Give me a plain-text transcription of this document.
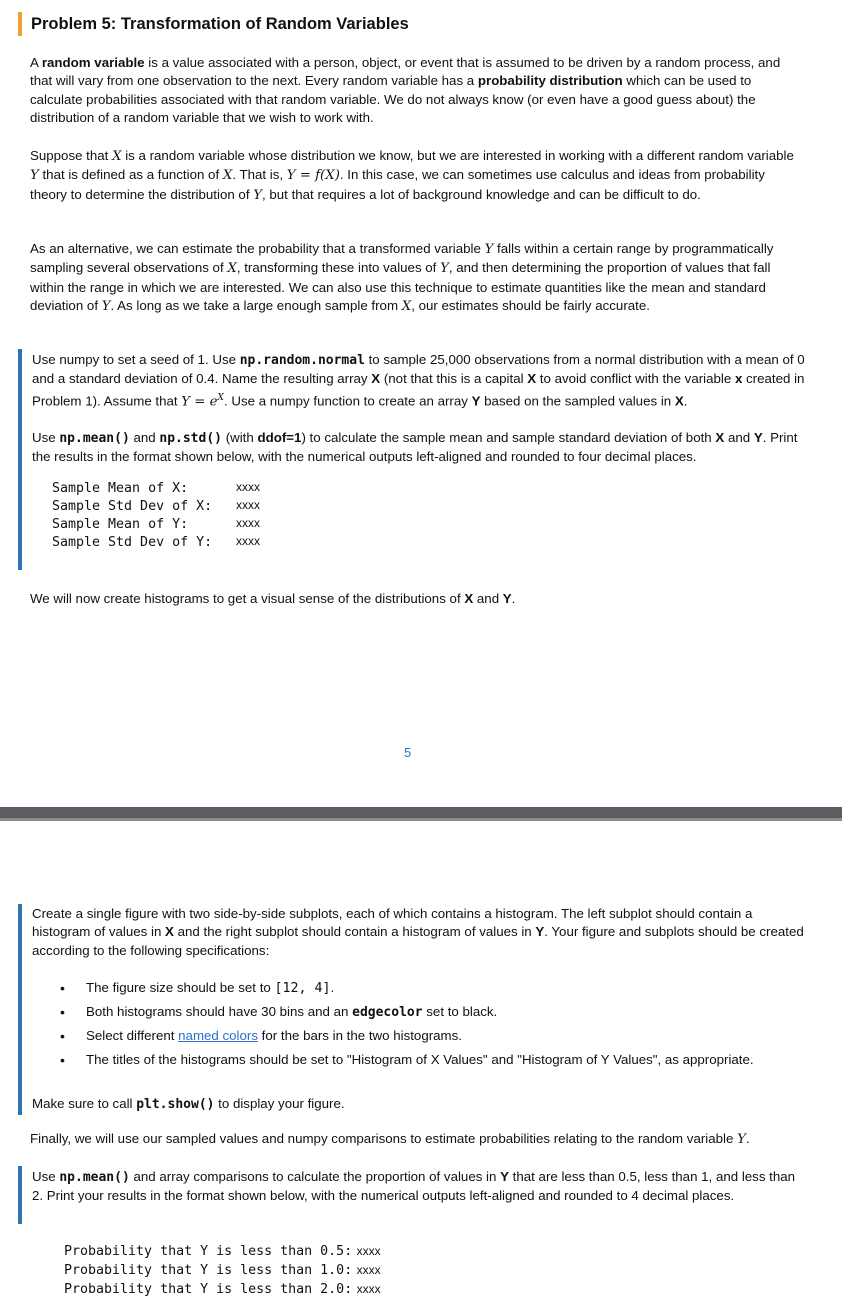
Problem 5: Transformation of Random Variables

A random variable is a value associated with a person, object, or event that is assumed to be driven by a random process, and that will vary from one observation to the next. Every random variable has a probability distribution which can be used to calculate probabilities associated with that random variable. We do not always know (or even have a good guess about) the distribution of a random variable that we wish to work with.

Suppose that X is a random variable whose distribution we know, but we are interested in working with a different random variable Y that is defined as a function of X. That is, Y = f(X). In this case, we can sometimes use calculus and ideas from probability theory to determine the distribution of Y, but that requires a lot of background knowledge and can be difficult to do.

As an alternative, we can estimate the probability that a transformed variable Y falls within a certain range by programmatically sampling several observations of X, transforming these into values of Y, and then determining the proportion of values that fall within the range in which we are interested. We can also use this technique to estimate quantities like the mean and standard deviation of Y. As long as we take a large enough sample from X, our estimates should be fairly accurate.

Use numpy to set a seed of 1. Use np.random.normal to sample 25,000 observations from a normal distribution with a mean of 0 and a standard deviation of 0.4. Name the resulting array X (not that this is a capital X to avoid conflict with the variable x created in Problem 1). Assume that $Y = e^X$. Use a numpy function to create an array Y based on the sampled values in X.

Use np.mean() and np.std() (with ddof=1) to calculate the sample mean and sample standard deviation of both X and Y. Print the results in the format shown below, with the numerical outputs left-aligned and rounded to four decimal places.

Sample Mean of X:	xxxx
Sample Std Dev of X:	xxxx
Sample Mean of Y:	xxxx
Sample Std Dev of Y:	xxxx

We will now create histograms to get a visual sense of the distributions of X and Y.

5

Create a single figure with two side-by-side subplots, each of which contains a histogram. The left subplot should contain a histogram of values in X and the right subplot should contain a histogram of values in Y. Your figure and subplots should be created according to the following specifications:

• The figure size should be set to [12, 4].
• Both histograms should have 30 bins and an edgecolor set to black.
• Select different named colors for the bars in the two histograms.
• The titles of the histograms should be set to "Histogram of X Values" and "Histogram of Y Values", as appropriate.

Make sure to call plt.show() to display your figure.

Finally, we will use our sampled values and numpy comparisons to estimate probabilities relating to the random variable Y.

Use np.mean() and array comparisons to calculate the proportion of values in Y that are less than 0.5, less than 1, and less than 2. Print your results in the format shown below, with the numerical outputs left-aligned and rounded to 4 decimal places.

Probability that Y is less than 0.5: xxxx
Probability that Y is less than 1.0: xxxx
Probability that Y is less than 2.0: xxxx
